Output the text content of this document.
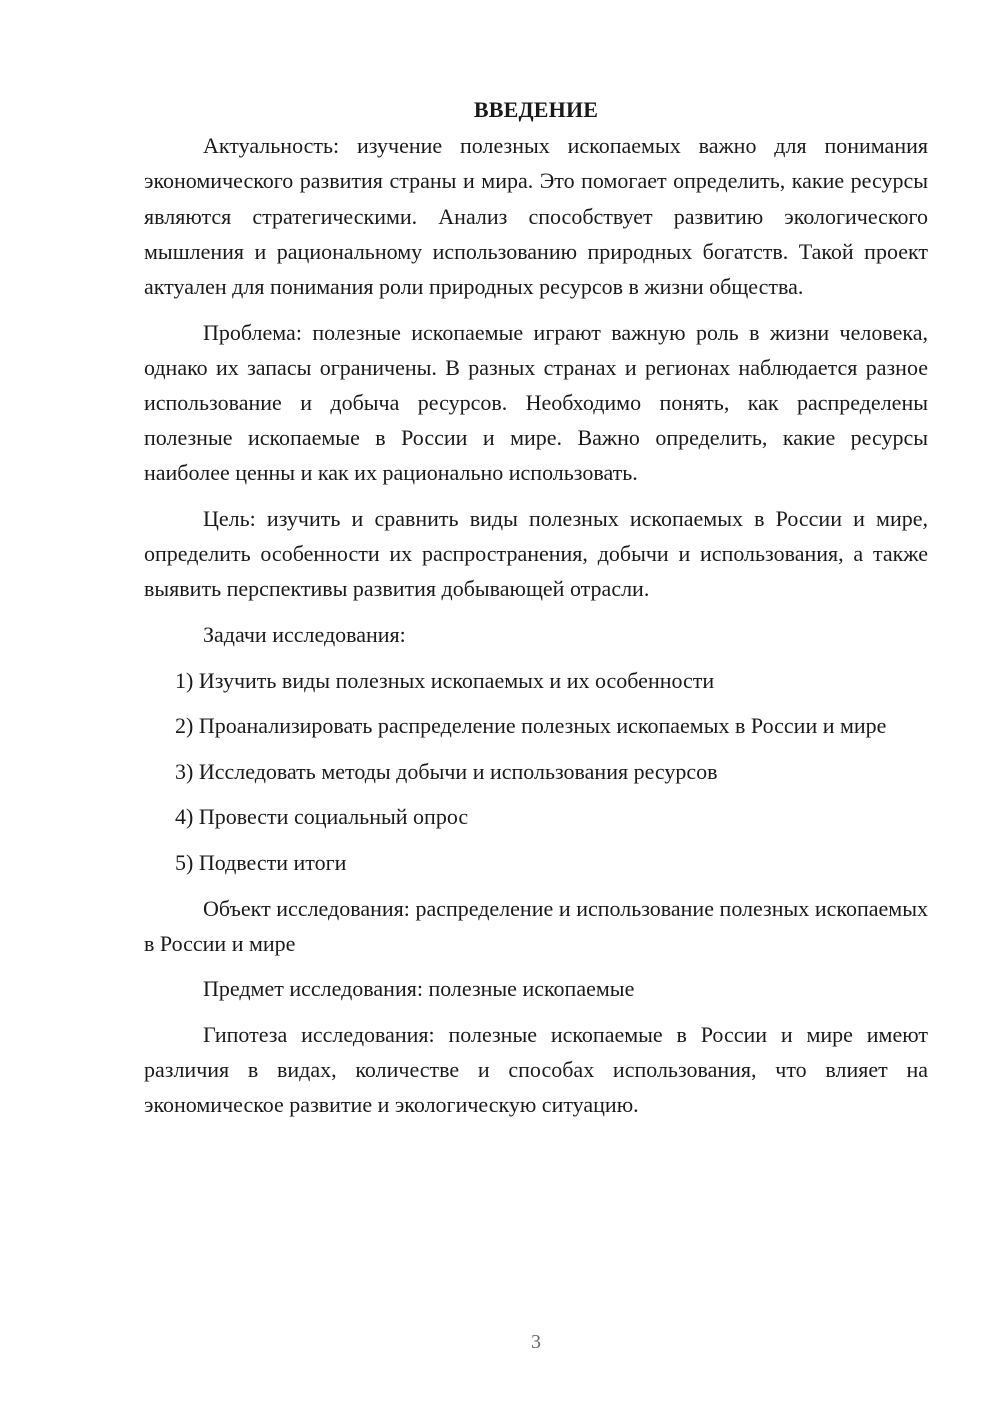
ВВЕДЕНИЕ

Актуальность: изучение полезных ископаемых важно для понимания экономического развития страны и мира. Это помогает определить, какие ресурсы являются стратегическими. Анализ способствует развитию экологического мышления и рациональному использованию природных богатств. Такой проект актуален для понимания роли природных ресурсов в жизни общества.

Проблема: полезные ископаемые играют важную роль в жизни человека, однако их запасы ограничены. В разных странах и регионах наблюдается разное использование и добыча ресурсов. Необходимо понять, как распределены полезные ископаемые в России и мире. Важно определить, какие ресурсы наиболее ценны и как их рационально использовать.

Цель: изучить и сравнить виды полезных ископаемых в России и мире, определить особенности их распространения, добычи и использования, а также выявить перспективы развития добывающей отрасли.

Задачи исследования:

1) Изучить виды полезных ископаемых и их особенности

2) Проанализировать распределение полезных ископаемых в России и мире

3) Исследовать методы добычи и использования ресурсов

4) Провести социальный опрос

5) Подвести итоги

Объект исследования: распределение и использование полезных ископаемых в России и мире

Предмет исследования: полезные ископаемые

Гипотеза исследования: полезные ископаемые в России и мире имеют различия в видах, количестве и способах использования, что влияет на экономическое развитие и экологическую ситуацию.

3
